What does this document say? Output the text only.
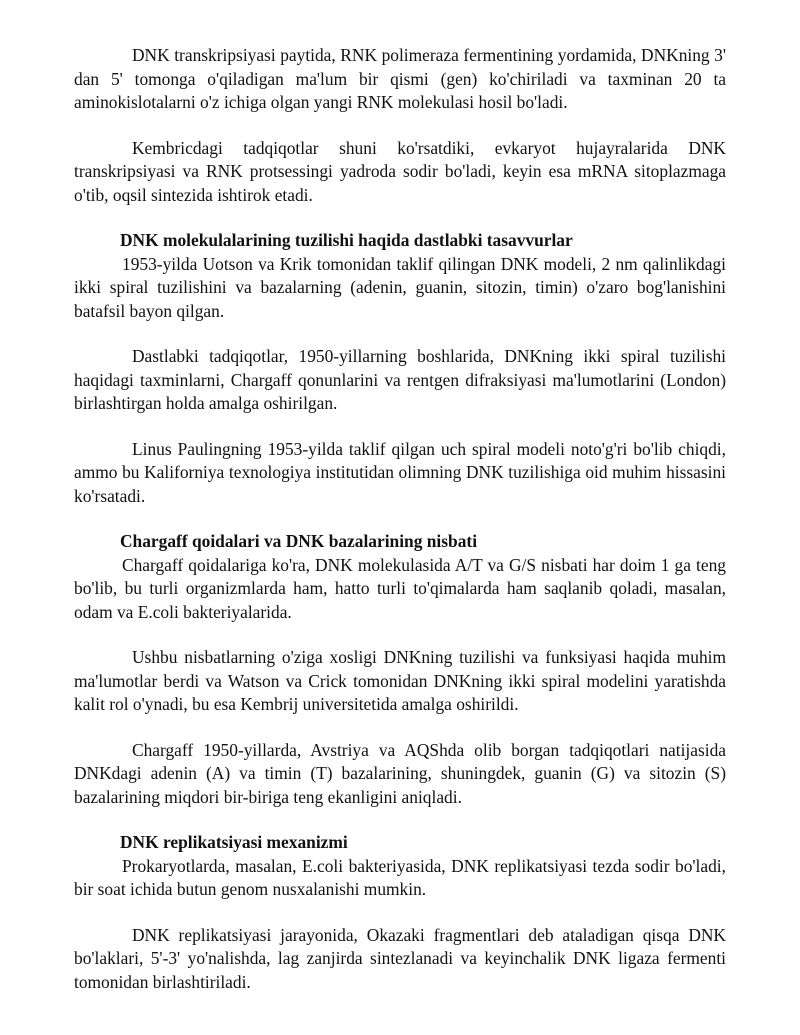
DNK transkripsiyasi paytida, RNK polimeraza fermentining yordamida, DNKning 3' dan 5' tomonga o'qiladigan ma'lum bir qismi (gen) ko'chiriladi va taxminan 20 ta aminokislotalarni o'z ichiga olgan yangi RNK molekulasi hosil bo'ladi.

Kembricdagi tadqiqotlar shuni ko'rsatdiki, evkaryot hujayralarida DNK transkripsiyasi va RNK protsessingi yadroda sodir bo'ladi, keyin esa mRNA sitoplazmaga o'tib, oqsil sintezida ishtirok etadi.

DNK molekulalarining tuzilishi haqida dastlabki tasavvurlar

1953-yilda Uotson va Krik tomonidan taklif qilingan DNK modeli, 2 nm qalinlikdagi ikki spiral tuzilishini va bazalarning (adenin, guanin, sitozin, timin) o'zaro bog'lanishini batafsil bayon qilgan.

Dastlabki tadqiqotlar, 1950-yillarning boshlarida, DNKning ikki spiral tuzilishi haqidagi taxminlarni, Chargaff qonunlarini va rentgen difraksiyasi ma'lumotlarini (London) birlashtirgan holda amalga oshirilgan.

Linus Paulingning 1953-yilda taklif qilgan uch spiral modeli noto'g'ri bo'lib chiqdi, ammo bu Kaliforniya texnologiya institutidan olimning DNK tuzilishiga oid muhim hissasini ko'rsatadi.

Chargaff qoidalari va DNK bazalarining nisbati

Chargaff qoidalariga ko'ra, DNK molekulasida A/T va G/S nisbati har doim 1 ga teng bo'lib, bu turli organizmlarda ham, hatto turli to'qimalarda ham saqlanib qoladi, masalan, odam va E.coli bakteriyalarida.

Ushbu nisbatlarning o'ziga xosligi DNKning tuzilishi va funksiyasi haqida muhim ma'lumotlar berdi va Watson va Crick tomonidan DNKning ikki spiral modelini yaratishda kalit rol o'ynadi, bu esa Kembrij universitetida amalga oshirildi.

Chargaff 1950-yillarda, Avstriya va AQShda olib borgan tadqiqotlari natijasida DNKdagi adenin (A) va timin (T) bazalarining, shuningdek, guanin (G) va sitozin (S) bazalarining miqdori bir-biriga teng ekanligini aniqladi.

DNK replikatsiyasi mexanizmi

Prokaryotlarda, masalan, E.coli bakteriyasida, DNK replikatsiyasi tezda sodir bo'ladi, bir soat ichida butun genom nusxalanishi mumkin.

DNK replikatsiyasi jarayonida, Okazaki fragmentlari deb ataladigan qisqa DNK bo'laklari, 5'-3' yo'nalishda, lag zanjirda sintezlanadi va keyinchalik DNK ligaza fermenti tomonidan birlashtiriladi.
